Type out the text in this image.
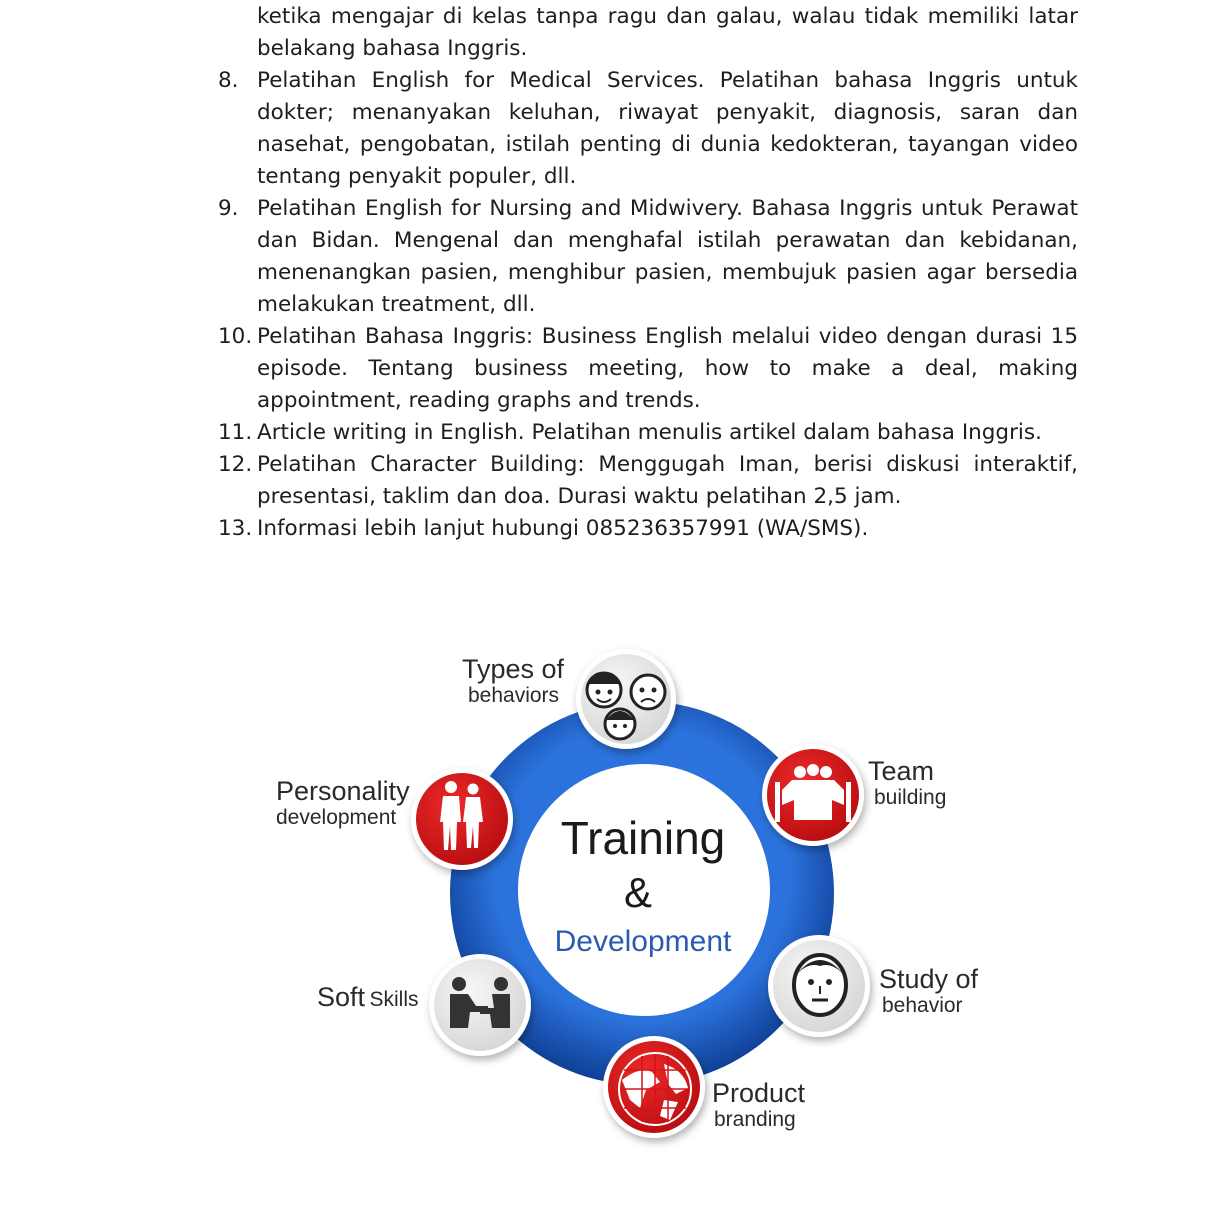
ketika mengajar di kelas tanpa ragu dan galau, walau tidak memiliki latar belakang bahasa Inggris.
8. Pelatihan English for Medical Services. Pelatihan bahasa Inggris untuk dokter; menanyakan keluhan, riwayat penyakit, diagnosis, saran dan nasehat, pengobatan, istilah penting di dunia kedokteran, tayangan video tentang penyakit populer, dll.
9. Pelatihan English for Nursing and Midwivery. Bahasa Inggris untuk Perawat dan Bidan. Mengenal dan menghafal istilah perawatan dan kebidanan, menenangkan pasien, menghibur pasien, membujuk pasien agar bersedia melakukan treatment, dll.
10. Pelatihan Bahasa Inggris: Business English melalui video dengan durasi 15 episode. Tentang business meeting, how to make a deal, making appointment, reading graphs and trends.
11. Article writing in English. Pelatihan menulis artikel dalam bahasa Inggris.
12. Pelatihan Character Building: Menggugah Iman, berisi diskusi interaktif, presentasi, taklim dan doa. Durasi waktu pelatihan 2,5 jam.
13. Informasi lebih lanjut hubungi 085236357991 (WA/SMS).
Training
&
Development
Types of
behaviors
Team
building
Personality
development
Study of
behavior
Soft Skills
Product
branding
